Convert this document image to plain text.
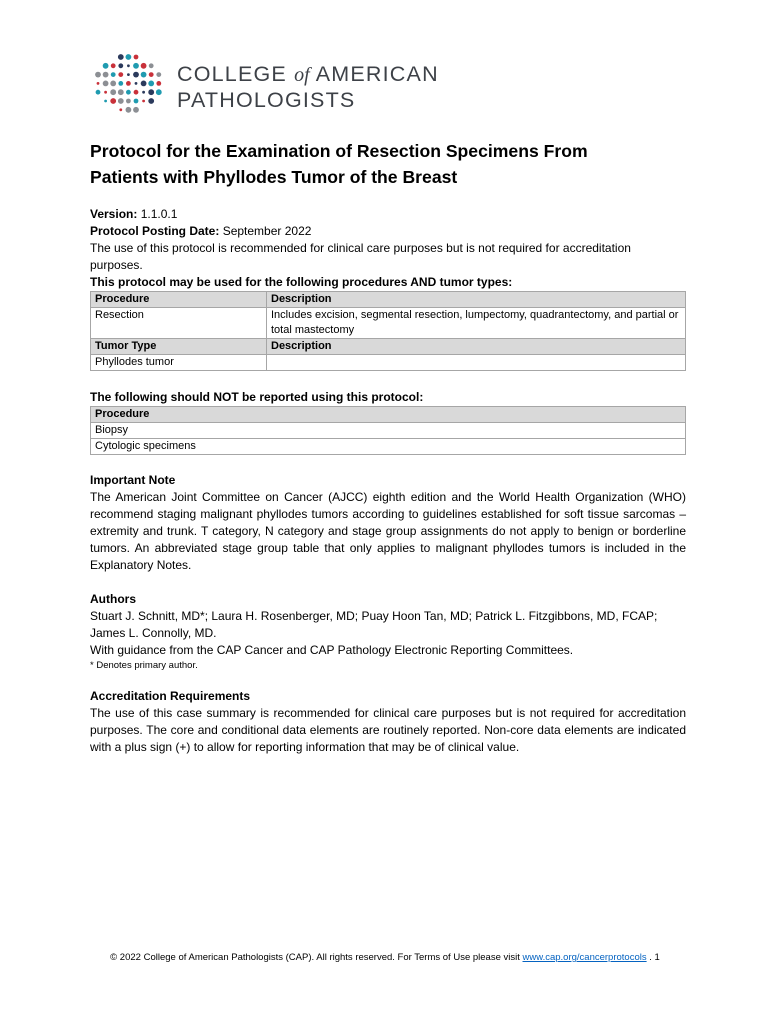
COLLEGE of AMERICAN
PATHOLOGISTS
Protocol for the Examination of Resection Specimens From
Patients with Phyllodes Tumor of the Breast

Version: 1.1.0.1

Protocol Posting Date: September 2022

The use of this protocol is recommended for clinical care purposes but is not required for accreditation purposes.

This protocol may be used for the following procedures AND tumor types:

Procedure	Description
Resection	Includes excision, segmental resection, lumpectomy, quadrantectomy, and partial or total mastectomy
Tumor Type	Description
Phyllodes tumor	

The following should NOT be reported using this protocol:

Procedure
Biopsy
Cytologic specimens

Important Note

The American Joint Committee on Cancer (AJCC) eighth edition and the World Health Organization (WHO) recommend staging malignant phyllodes tumors according to guidelines established for soft tissue sarcomas – extremity and trunk. T category, N category and stage group assignments do not apply to benign or borderline tumors. An abbreviated stage group table that only applies to malignant phyllodes tumors is included in the Explanatory Notes.

Authors

Stuart J. Schnitt, MD*; Laura H. Rosenberger, MD; Puay Hoon Tan, MD; Patrick L. Fitzgibbons, MD, FCAP; James L. Connolly, MD.

With guidance from the CAP Cancer and CAP Pathology Electronic Reporting Committees.

* Denotes primary author.

Accreditation Requirements

The use of this case summary is recommended for clinical care purposes but is not required for accreditation purposes. The core and conditional data elements are routinely reported. Non-core data elements are indicated with a plus sign (+) to allow for reporting information that may be of clinical value.

© 2022 College of American Pathologists (CAP). All rights reserved. For Terms of Use please visit www.cap.org/cancerprotocols . 1
